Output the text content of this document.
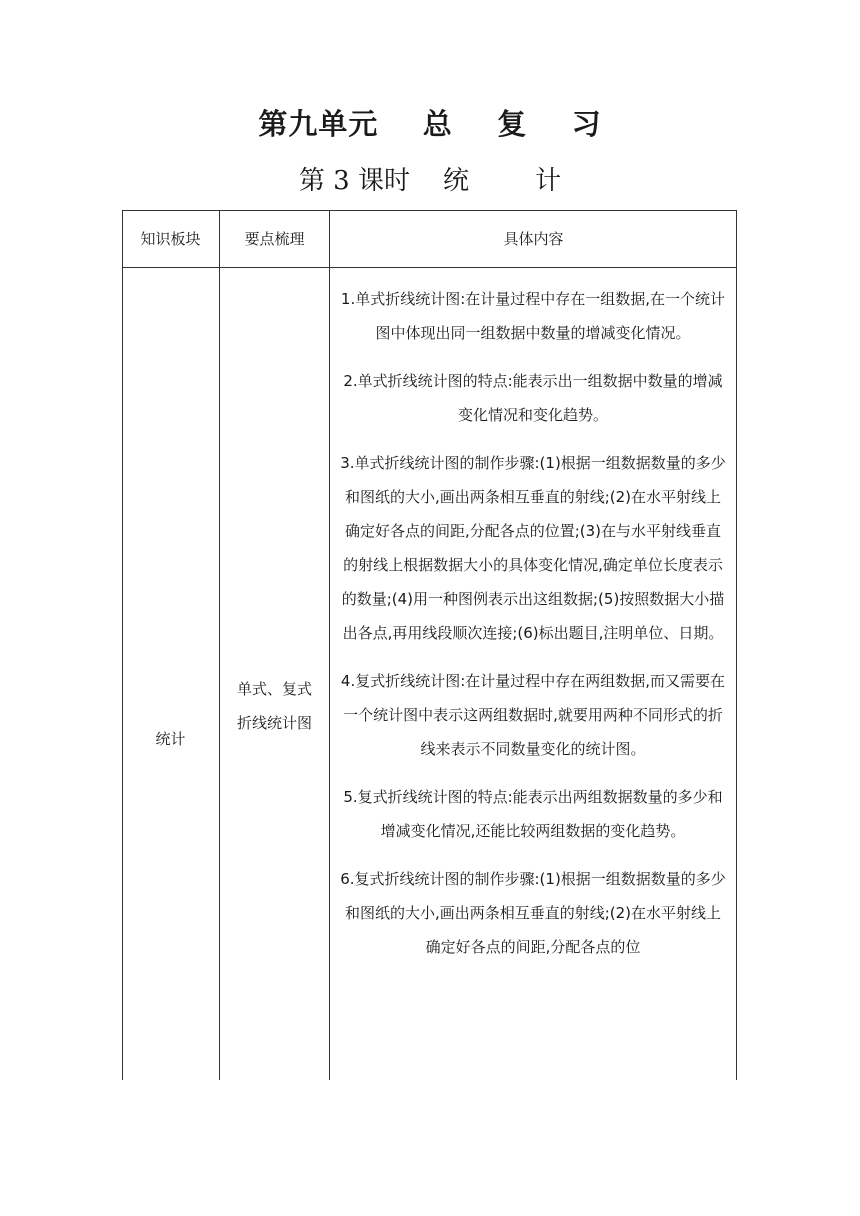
第九单元    总    复    习
第 3 课时    统        计
知识板块	要点梳理	具体内容
统计
单式、复式
折线统计图

1.单式折线统计图:在计量过程中存在一组数据,在一个统计图中体现出同一组数据中数量的增减变化情况。

2.单式折线统计图的特点:能表示出一组数据中数量的增减变化情况和变化趋势。

3.单式折线统计图的制作步骤:(1)根据一组数据数量的多少和图纸的大小,画出两条相互垂直的射线;(2)在水平射线上确定好各点的间距,分配各点的位置;(3)在与水平射线垂直的射线上根据数据大小的具体变化情况,确定单位长度表示的数量;(4)用一种图例表示出这组数据;(5)按照数据大小描出各点,再用线段顺次连接;(6)标出题目,注明单位、日期。

4.复式折线统计图:在计量过程中存在两组数据,而又需要在一个统计图中表示这两组数据时,就要用两种不同形式的折线来表示不同数量变化的统计图。

5.复式折线统计图的特点:能表示出两组数据数量的多少和增减变化情况,还能比较两组数据的变化趋势。

6.复式折线统计图的制作步骤:(1)根据一组数据数量的多少和图纸的大小,画出两条相互垂直的射线;(2)在水平射线上确定好各点的间距,分配各点的位
